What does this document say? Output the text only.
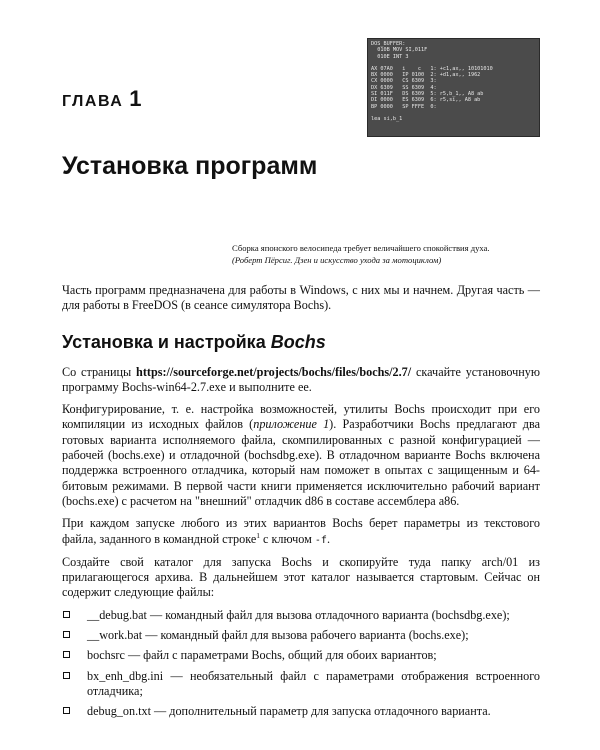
DOS_BUFFER:
010B MOV SI,011F
010E INT 3
AX 07A0   i    c   1: +c1,ax,, 10101010
BX 0000   IP 0100  2: +d1,ax,, 1962
CX 0000   CS 6309  3:
DX 6309   SS 6309  4:
SI 011F   DS 6309  5: r5,b_1,, A8 ab
DI 0000   ES 6309  6: r5,si,, A8 ab
BP 0000   SP FFFE  0:
lea si,b_1
ГЛАВА 1
Установка программ
Сборка японского велосипеда требует величайшего спокойствия духа.
(Роберт Пёрсиг. Дзен и искусство ухода за мотоциклом)

Часть программ предназначена для работы в Windows, с них мы и начнем. Другая часть — для работы в FreeDOS (в сеансе симулятора Bochs).

Установка и настройка Bochs

Со страницы https://sourceforge.net/projects/bochs/files/bochs/2.7/ скачайте установочную программу Bochs-win64-2.7.exe и выполните ее.

Конфигурирование, т. е. настройка возможностей, утилиты Bochs происходит при его компиляции из исходных файлов (приложение 1). Разработчики Bochs предлагают два готовых варианта исполняемого файла, скомпилированных с разной конфигурацией — рабочей (bochs.exe) и отладочной (bochsdbg.exe). В отладочном варианте Bochs включена поддержка встроенного отладчика, который нам поможет в опытах с защищенным и 64-битовым режимами. В первой части книги применяется исключительно рабочий вариант (bochs.exe) с расчетом на "внешний" отладчик d86 в составе ассемблера a86.

При каждом запуске любого из этих вариантов Bochs берет параметры из текстового файла, заданного в командной строке$^1$ с ключом -f.

Создайте свой каталог для запуска Bochs и скопируйте туда папку arch/01 из прилагающегося архива. В дальнейшем этот каталог называется стартовым. Сейчас он содержит следующие файлы:

__debug.bat — командный файл для вызова отладочного варианта (bochsdbg.exe);
__work.bat — командный файл для вызова рабочего варианта (bochs.exe);
bochsrc — файл с параметрами Bochs, общий для обоих вариантов;
bx_enh_dbg.ini — необязательный файл с параметрами отображения встроенного отладчика;
debug_on.txt — дополнительный параметр для запуска отладочного варианта.
